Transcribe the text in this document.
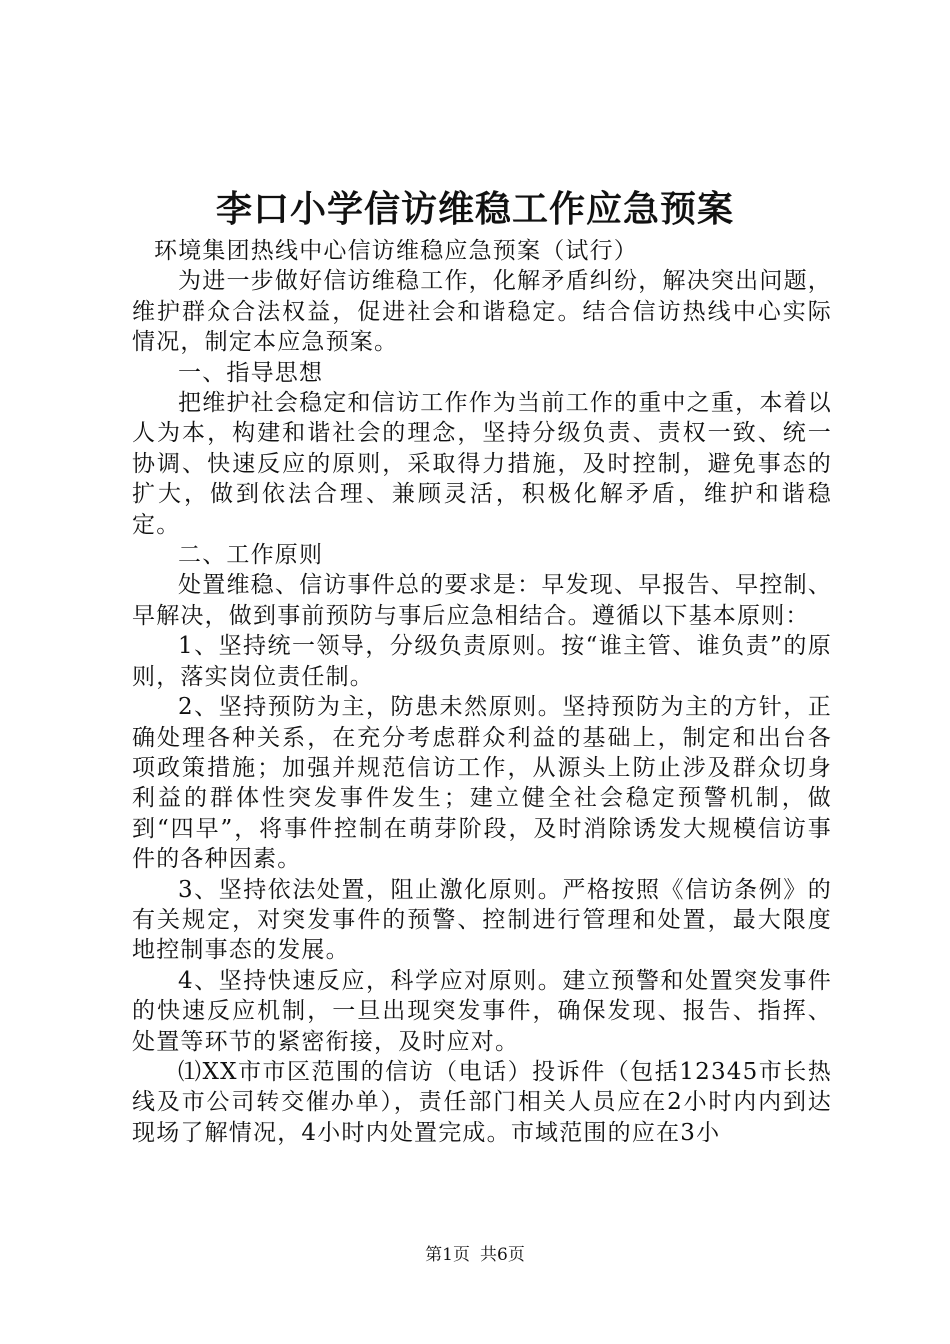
李口小学信访维稳工作应急预案

环境集团热线中心信访维稳应急预案（试行）

为进一步做好信访维稳工作，化解矛盾纠纷，解决突出问题，维护群众合法权益，促进社会和谐稳定。结合信访热线中心实际情况，制定本应急预案。

一、指导思想

把维护社会稳定和信访工作作为当前工作的重中之重，本着以人为本，构建和谐社会的理念，坚持分级负责、责权一致、统一协调、快速反应的原则，采取得力措施，及时控制，避免事态的扩大，做到依法合理、兼顾灵活，积极化解矛盾，维护和谐稳定。

二、工作原则

处置维稳、信访事件总的要求是：早发现、早报告、早控制、早解决，做到事前预防与事后应急相结合。遵循以下基本原则：

1、坚持统一领导，分级负责原则。按“谁主管、谁负责”的原则，落实岗位责任制。

2、坚持预防为主，防患未然原则。坚持预防为主的方针，正确处理各种关系，在充分考虑群众利益的基础上，制定和出台各项政策措施；加强并规范信访工作，从源头上防止涉及群众切身利益的群体性突发事件发生；建立健全社会稳定预警机制，做到“四早”，将事件控制在萌芽阶段，及时消除诱发大规模信访事件的各种因素。

3、坚持依法处置，阻止激化原则。严格按照《信访条例》的有关规定，对突发事件的预警、控制进行管理和处置，最大限度地控制事态的发展。

4、坚持快速反应，科学应对原则。建立预警和处置突发事件的快速反应机制，一旦出现突发事件，确保发现、报告、指挥、处置等环节的紧密衔接，及时应对。

⑴XX市市区范围的信访（电话）投诉件（包括12345市长热线及市公司转交催办单），责任部门相关人员应在2小时内内到达现场了解情况，4小时内处置完成。市域范围的应在3小

第1页 共6页
